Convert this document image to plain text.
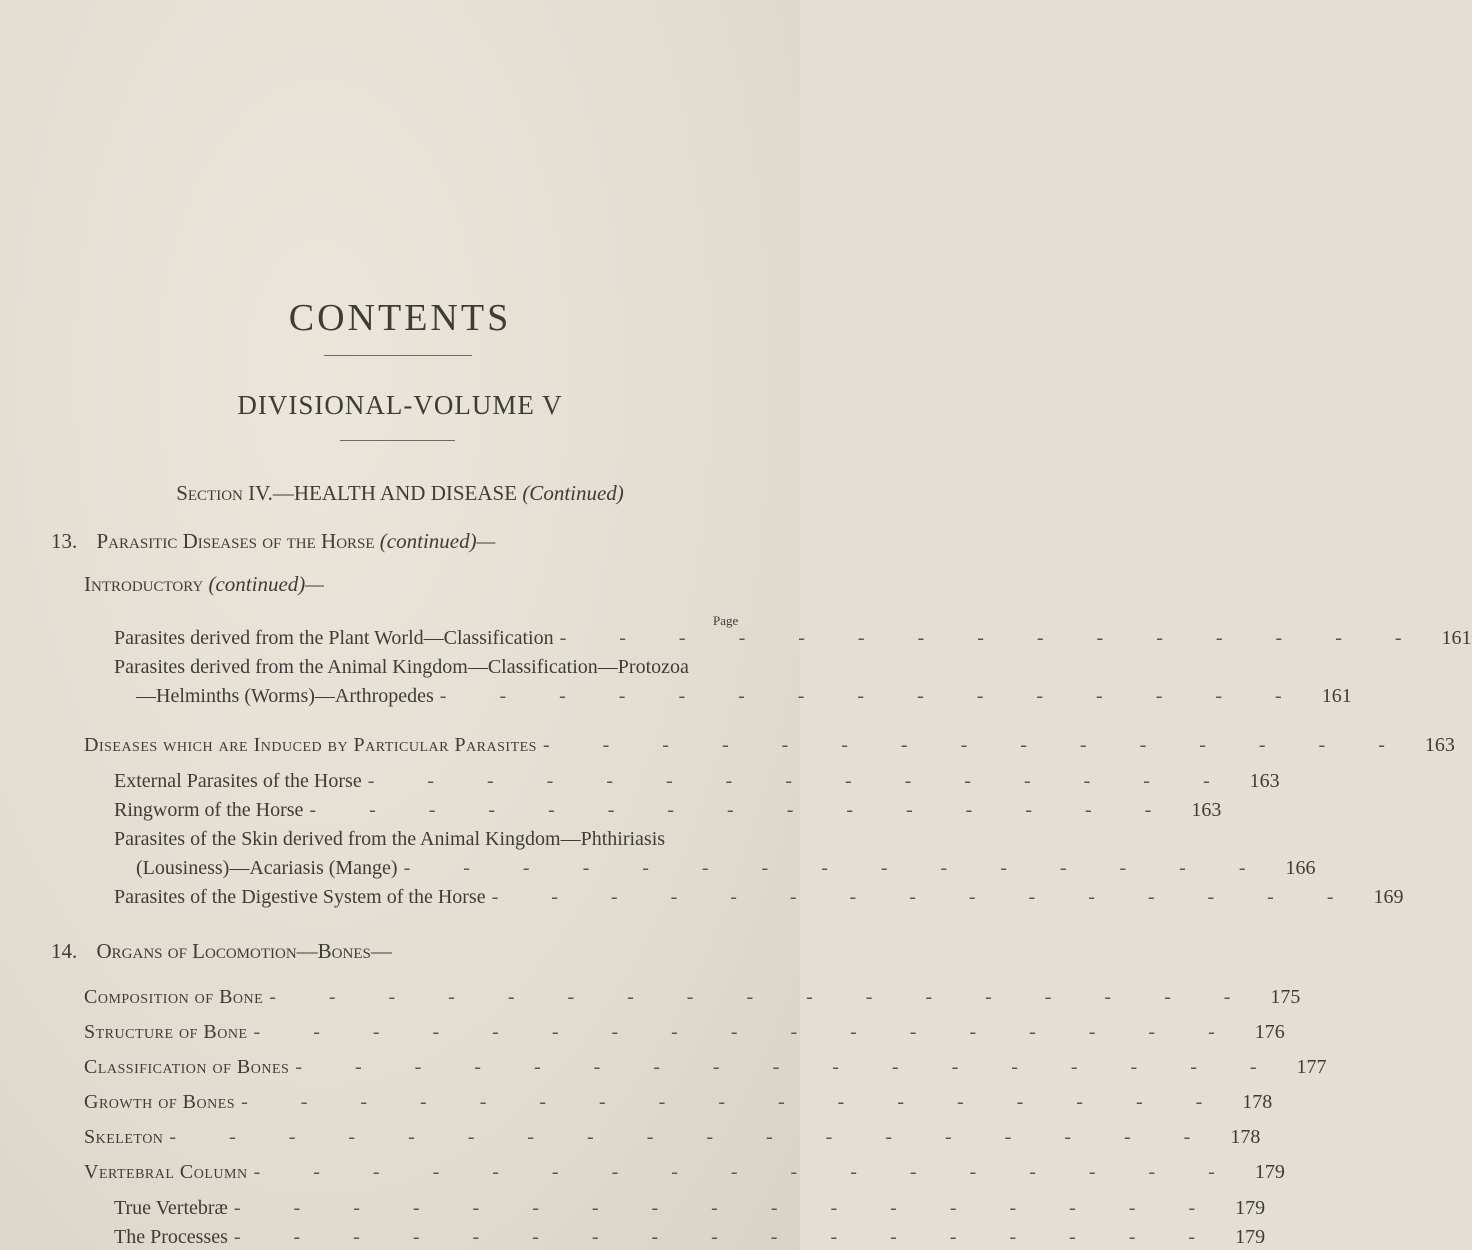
CONTENTS
DIVISIONAL-VOLUME V
Section IV.—HEALTH AND DISEASE (Continued)
13. Parasitic Diseases of the Horse (continued)—
Introductory (continued)—
Page
Parasites derived from the Plant World—Classification - - - - - - - - - - - - - - - 161
Parasites derived from the Animal Kingdom—Classification—Protozoa
—Helminths (Worms)—Arthropedes - - - - - - - - - - - - - - - 161
Diseases which are Induced by Particular Parasites - - - - - - - - - - - - - - - 163
External Parasites of the Horse - - - - - - - - - - - - - - - 163
Ringworm of the Horse - - - - - - - - - - - - - - - 163
Parasites of the Skin derived from the Animal Kingdom—Phthiriasis
(Lousiness)—Acariasis (Mange) - - - - - - - - - - - - - - - 166
Parasites of the Digestive System of the Horse - - - - - - - - - - - - - - - 169
14. Organs of Locomotion—Bones—
Composition of Bone - - - - - - - - - - - - - - - - - 175
Structure of Bone - - - - - - - - - - - - - - - - - 176
Classification of Bones - - - - - - - - - - - - - - - - - 177
Growth of Bones - - - - - - - - - - - - - - - - - 178
Skeleton - - - - - - - - - - - - - - - - - - 178
Vertebral Column - - - - - - - - - - - - - - - - - 179
True Vertebræ - - - - - - - - - - - - - - - - - 179
The Processes - - - - - - - - - - - - - - - - - 179
